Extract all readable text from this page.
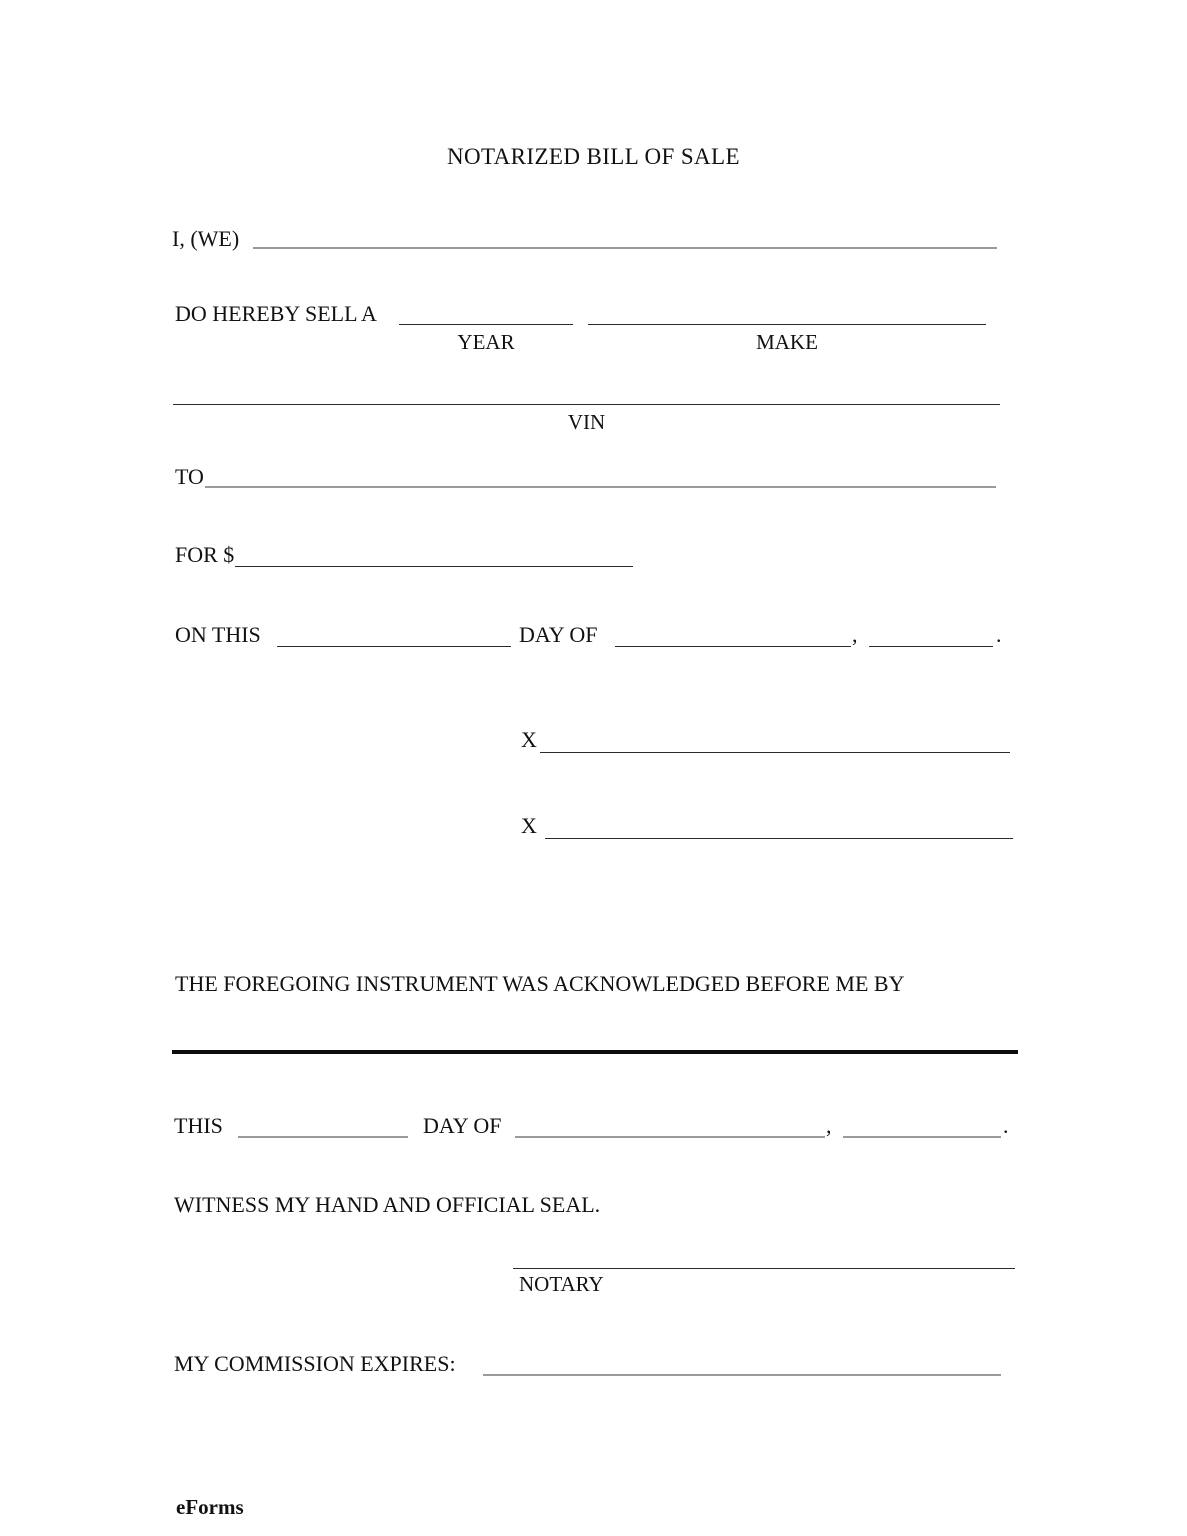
NOTARIZED BILL OF SALE
I, (WE)
DO HEREBY SELL A
YEAR	MAKE
VIN
TO
FOR $
ON THIS	DAY OF	,	.
X
X
THE FOREGOING INSTRUMENT WAS ACKNOWLEDGED BEFORE ME BY
THIS	DAY OF	,	.
WITNESS MY HAND AND OFFICIAL SEAL.
NOTARY
MY COMMISSION EXPIRES:
eForms
